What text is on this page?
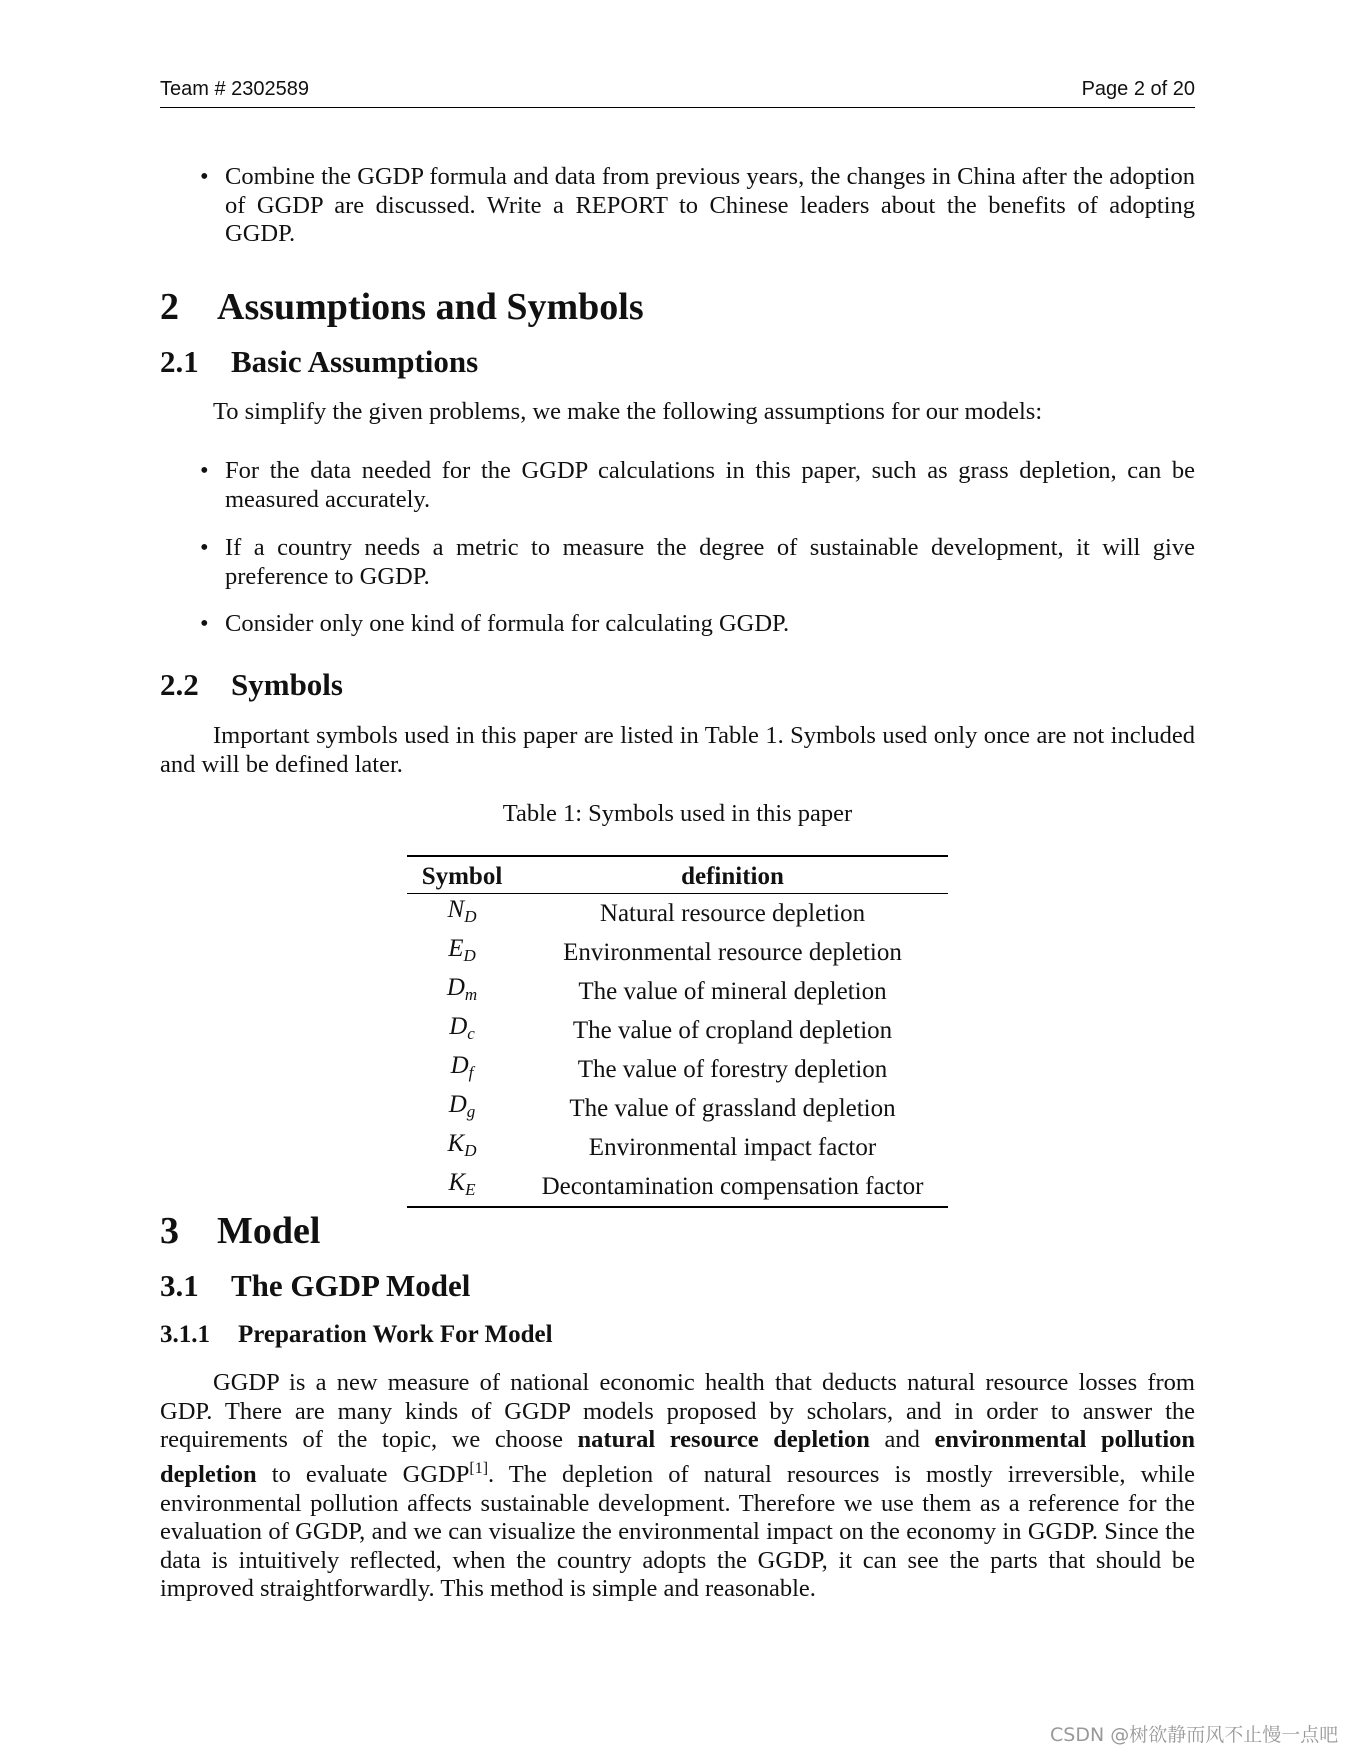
Team # 2302589	Page 2 of 20
• Combine the GGDP formula and data from previous years, the changes in China after the adoption of GGDP are discussed. Write a REPORT to Chinese leaders about the benefits of adopting GGDP.
2 Assumptions and Symbols
2.1 Basic Assumptions
To simplify the given problems, we make the following assumptions for our models:
• For the data needed for the GGDP calculations in this paper, such as grass depletion, can be measured accurately.
• If a country needs a metric to measure the degree of sustainable development, it will give preference to GGDP.
• Consider only one kind of formula for calculating GGDP.
2.2 Symbols
Important symbols used in this paper are listed in Table 1. Symbols used only once are not included and will be defined later.
Table 1: Symbols used in this paper
Symbol	definition
$N_D$	Natural resource depletion
$E_D$	Environmental resource depletion
$D_m$	The value of mineral depletion
$D_c$	The value of cropland depletion
$D_f$	The value of forestry depletion
$D_g$	The value of grassland depletion
$K_D$	Environmental impact factor
$K_E$	Decontamination compensation factor
3 Model
3.1 The GGDP Model
3.1.1 Preparation Work For Model
GGDP is a new measure of national economic health that deducts natural resource losses from GDP. There are many kinds of GGDP models proposed by scholars, and in order to answer the requirements of the topic, we choose natural resource depletion and environmental pollution depletion to evaluate GGDP[1]. The depletion of natural resources is mostly irreversible, while environmental pollution affects sustainable development. Therefore we use them as a reference for the evaluation of GGDP, and we can visualize the environmental impact on the economy in GGDP. Since the data is intuitively reflected, when the country adopts the GGDP, it can see the parts that should be improved straightforwardly. This method is simple and reasonable.
CSDN @树欲静而风不止慢一点吧
